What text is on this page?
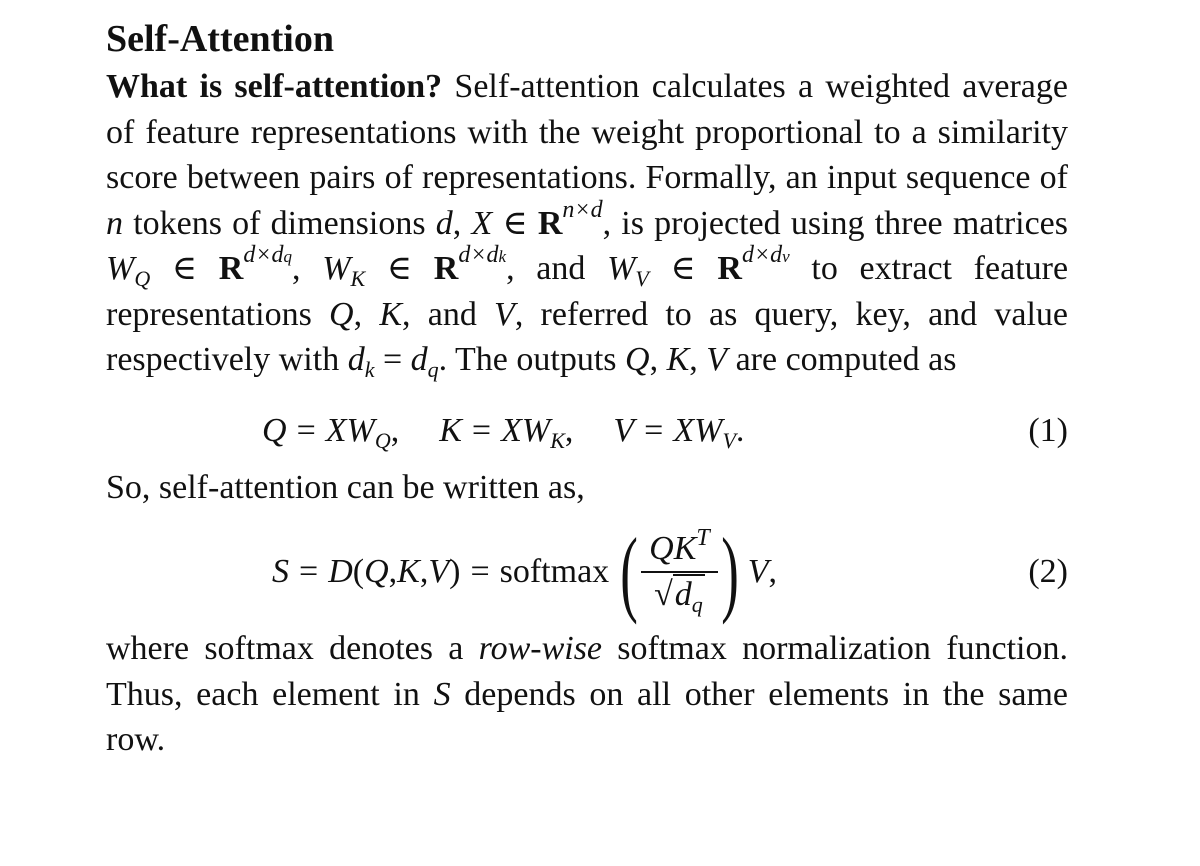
Self-Attention

What is self-attention? Self-attention calculates a weighted average of feature representations with the weight proportional to a similarity score between pairs of representations. Formally, an input sequence of n tokens of dimensions d, X ∈ $R^{n\times d}$, is projected using three matrices $W_Q$ ∈ $R^{d\times dq}$, $W_K$ ∈ $R^{d\times dk}$, and $W_V$ ∈ $R^{d\times dv}$ to extract feature representations Q, K, and V, referred to as query, key, and value respectively with $d_k = d_q$. The outputs Q, K, V are computed as

$Q = XW_Q$, $K = XW_K$, $V = XW_V$.	(1)

So, self-attention can be written as,

S = D ( Q , K , V ) = softmax ( $\frac{QK^T}{√d_q}$ ) V ,	(2)

where softmax denotes a row-wise softmax normalization function. Thus, each element in S depends on all other elements in the same row.
